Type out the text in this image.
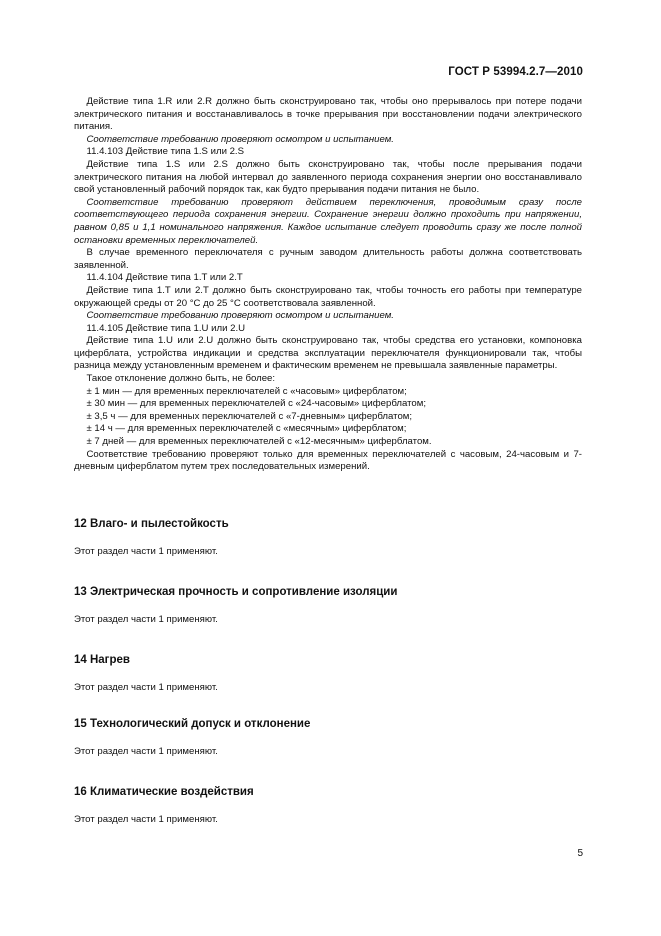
ГОСТ Р 53994.2.7—2010

Действие типа 1.R или 2.R должно быть сконструировано так, чтобы оно прерывалось при потере подачи электрического питания и восстанавливалось в точке прерывания при восстановлении подачи электрического питания.

Соответствие требованию проверяют осмотром и испытанием.

11.4.103 Действие типа 1.S или 2.S

Действие типа 1.S или 2.S должно быть сконструировано так, чтобы после прерывания подачи электрического питания на любой интервал до заявленного периода сохранения энергии оно восстанавливало свой установленный рабочий порядок так, как будто прерывания подачи питания не было.

Соответствие требованию проверяют действием переключения, проводимым сразу после соответствующего периода сохранения энергии. Сохранение энергии должно проходить при напряжении, равном 0,85 и 1,1 номинального напряжения. Каждое испытание следует проводить сразу же после полной остановки временных переключателей.

В случае временного переключателя с ручным заводом длительность работы должна соответствовать заявленной.

11.4.104 Действие типа 1.T или 2.T

Действие типа 1.T или 2.T должно быть сконструировано так, чтобы точность его работы при температуре окружающей среды от 20 °С до 25 °С соответствовала заявленной.

Соответствие требованию проверяют осмотром и испытанием.

11.4.105 Действие типа 1.U или 2.U

Действие типа 1.U или 2.U должно быть сконструировано так, чтобы средства его установки, компоновка циферблата, устройства индикации и средства эксплуатации переключателя функционировали так, чтобы разница между установленным временем и фактическим временем не превышала заявленные параметры.

Такое отклонение должно быть, не более:

± 1 мин — для временных переключателей с «часовым» циферблатом;
± 30 мин — для временных переключателей с «24-часовым» циферблатом;
± 3,5 ч — для временных переключателей с «7-дневным» циферблатом;
± 14 ч — для временных переключателей с «месячным» циферблатом;
± 7 дней — для временных переключателей с «12-месячным» циферблатом.

Соответствие требованию проверяют только для временных переключателей с часовым, 24-часовым и 7-дневным циферблатом путем трех последовательных измерений.

12 Влаго- и пылестойкость

Этот раздел части 1 применяют.

13 Электрическая прочность и сопротивление изоляции

Этот раздел части 1 применяют.

14 Нагрев

Этот раздел части 1 применяют.

15 Технологический допуск и отклонение

Этот раздел части 1 применяют.

16 Климатические воздействия

Этот раздел части 1 применяют.

5
